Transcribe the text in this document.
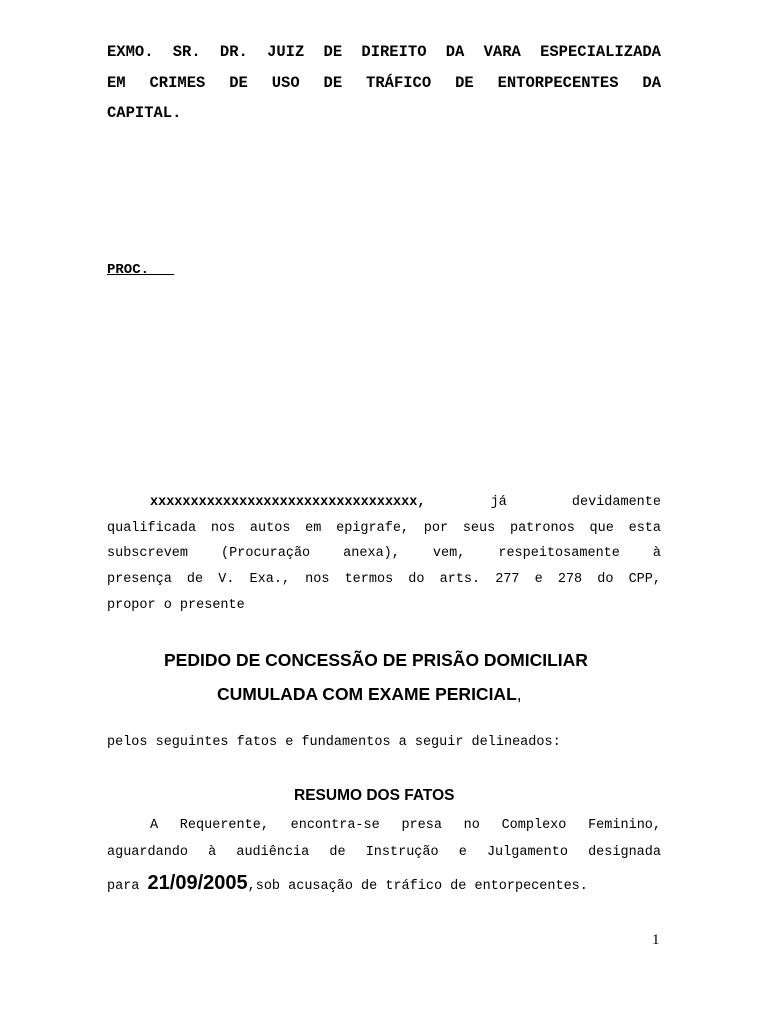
EXMO. SR. DR. JUIZ DE DIREITO DA VARA ESPECIALIZADA
EM CRIMES DE USO DE TRÁFICO DE ENTORPECENTES DA
CAPITAL.
PROC.
xxxxxxxxxxxxxxxxxxxxxxxxxxxxxxxxx,	já	devidamente
qualificada nos autos em epigrafe, por seus patronos que esta
subscrevem (Procuração anexa), vem, respeitosamente à
presença de V. Exa., nos termos do arts. 277 e 278 do CPP,
propor o presente
PEDIDO DE CONCESSÃO DE PRISÃO DOMICILIAR
CUMULADA COM EXAME PERICIAL,
pelos seguintes fatos e fundamentos a seguir delineados:
RESUMO DOS FATOS
A Requerente, encontra-se presa no Complexo Feminino,
aguardando à audiência de Instrução e Julgamento designada
para 21/09/2005,sob acusação de tráfico de entorpecentes.
1
